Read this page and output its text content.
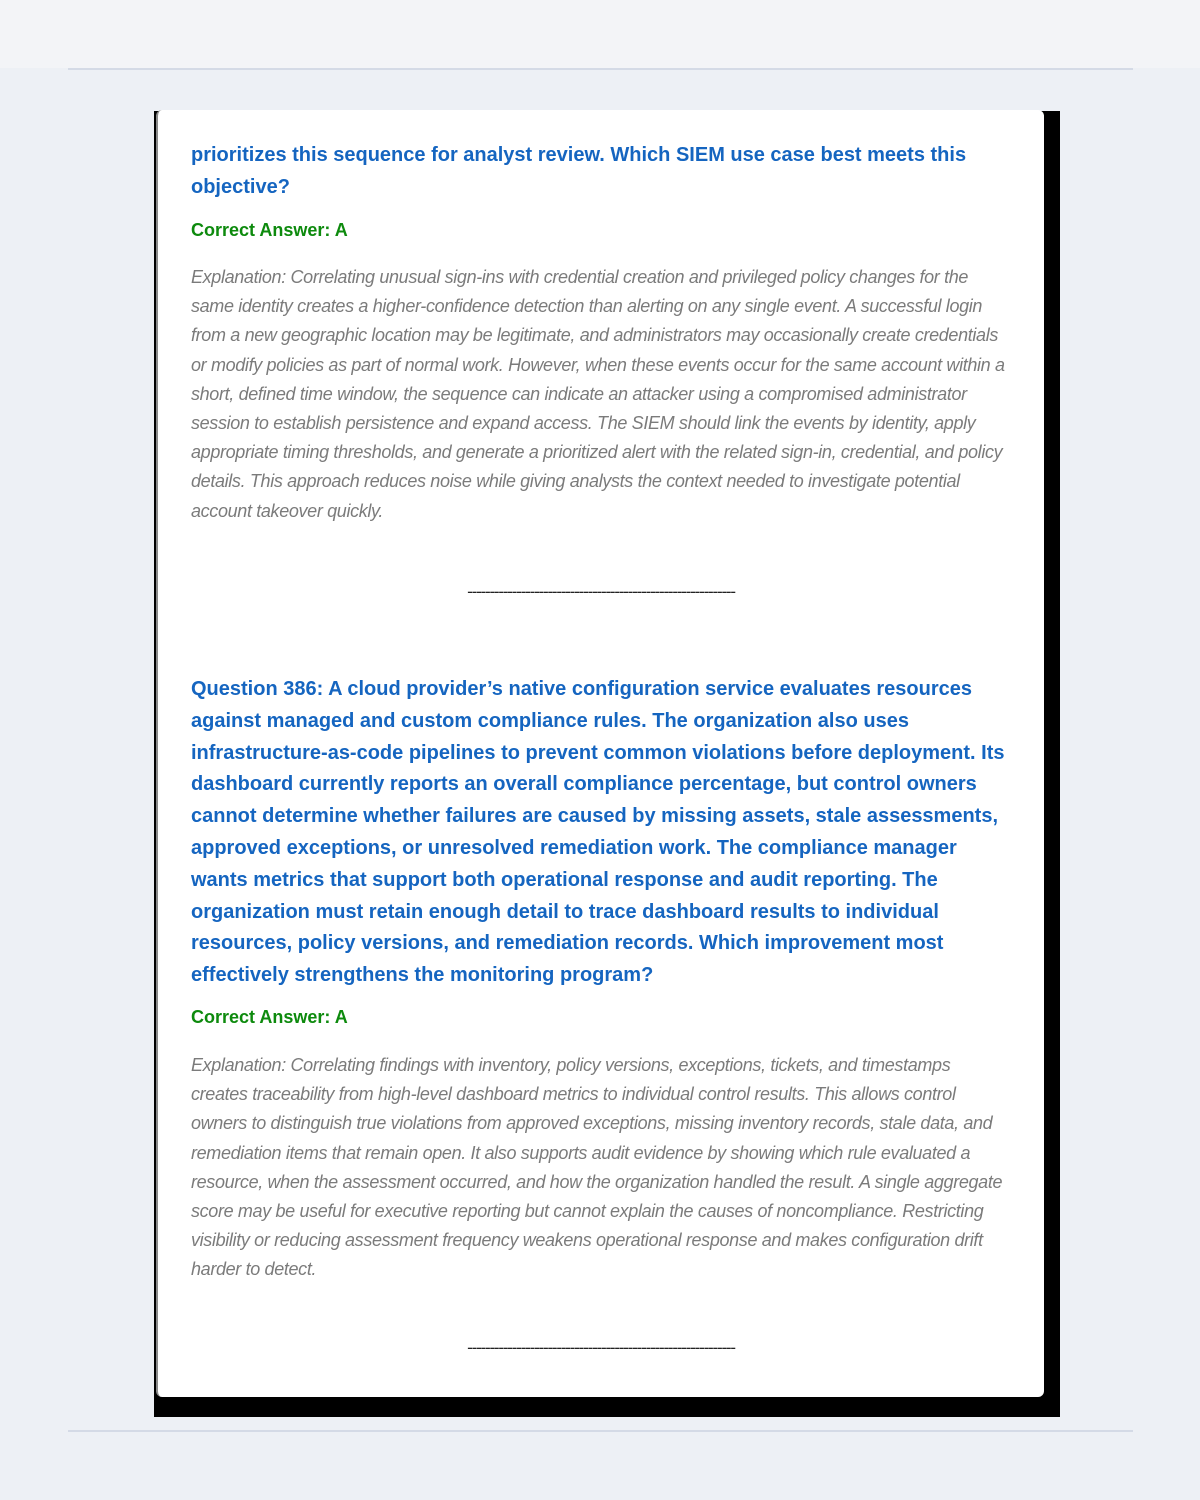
prioritizes this sequence for analyst review. Which SIEM use case best meets this objective?

Correct Answer: A

Explanation: Correlating unusual sign-ins with credential creation and privileged policy changes for the same identity creates a higher-confidence detection than alerting on any single event. A successful login from a new geographic location may be legitimate, and administrators may occasionally create credentials or modify policies as part of normal work. However, when these events occur for the same account within a short, defined time window, the sequence can indicate an attacker using a compromised administrator session to establish persistence and expand access. The SIEM should link the events by identity, apply appropriate timing thresholds, and generate a prioritized alert with the related sign-in, credential, and policy details. This approach reduces noise while giving analysts the context needed to investigate potential account takeover quickly.

------------------------------------------------------------

Question 386: A cloud provider’s native configuration service evaluates resources against managed and custom compliance rules. The organization also uses infrastructure-as-code pipelines to prevent common violations before deployment. Its dashboard currently reports an overall compliance percentage, but control owners cannot determine whether failures are caused by missing assets, stale assessments, approved exceptions, or unresolved remediation work. The compliance manager wants metrics that support both operational response and audit reporting. The organization must retain enough detail to trace dashboard results to individual resources, policy versions, and remediation records. Which improvement most effectively strengthens the monitoring program?

Correct Answer: A

Explanation: Correlating findings with inventory, policy versions, exceptions, tickets, and timestamps creates traceability from high-level dashboard metrics to individual control results. This allows control owners to distinguish true violations from approved exceptions, missing inventory records, stale data, and remediation items that remain open. It also supports audit evidence by showing which rule evaluated a resource, when the assessment occurred, and how the organization handled the result. A single aggregate score may be useful for executive reporting but cannot explain the causes of noncompliance. Restricting visibility or reducing assessment frequency weakens operational response and makes configuration drift harder to detect.

------------------------------------------------------------
